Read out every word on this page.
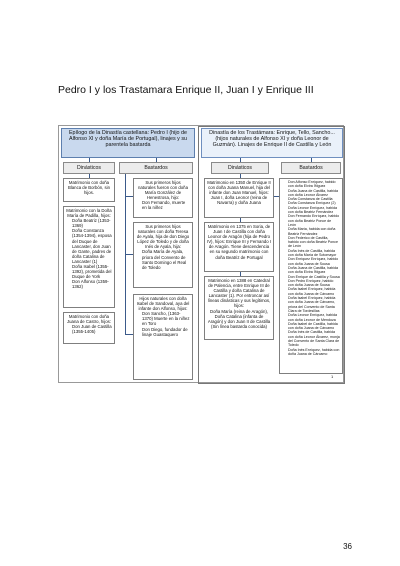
Pedro I y los Trastamara Enrique II, Juan I y Enrique III
Epílogo de la Dinastía castellana: Pedro I (hijo de Alfonso XI y doña María de Portugal), linajes y su parentela bastarda
Dinastía de los Trastámara: Enrique, Tello, Sancho... (hijos naturales de Alfonso XI y doña Leonor de Guzmán). Linajes de Enrique II de Castilla y León
Dinásticos	Bastardos	Dinásticos	Bastardos
Matrimonio con doña Blanca de Borbón, sin hijos.
Matrimonio con la Doña María de Padilla, hijos:
• Doña Beatriz (1353-1369)
• Doña Constanza (1354-1394), esposa del Duque de Lancaster, don Juan de Gante, padres de doña Catalina de Lancaster (1)
• Doña Isabel (1355-1392), prometida del Duque de York
• Don Alfonso (1359-1362)
Matrimonio con doña Juana de Castro, hijos:
• Don Juan de Castilla (1355-1405)
Sus primeros hijos naturales fueron con doña María González de Henestrosa, hijo:
• Don Fernando, muerte en la niñez
Sus primeros hijos naturales con doña Teresa de Ayala, hija de don Diego López de Toledo y de doña Inés de Ayala, hija:
• Doña María de Ayala, priora del Convento de Santo Domingo el Real de Toledo
Hijos naturales con doña Isabel de Sandoval, aya del infante don Alfonso, hijos:
• Don Sancho, (1363-1370) Muerte en la niñez en Toro
• Don Diego, fundador de linaje Guastaquero
Matrimonio en 1350 de Enrique II con doña Juana Manuel, hija del infante don Juan Manuel, hijos: Juan I, doña Leonor (reina de Navarra) y doña Juana
Matrimonio en 1375 en Soria, de Juan I de Castilla con doña Leonor de Aragón (hija de Pedro IV), hijos: Enrique III y Fernando I de Aragón. Tiene descendencia en su segundo matrimonio con doña Beatriz de Portugal
Matrimonio en 1388 en Catedral de Palencia, entre Enrique III de Castilla y doña Catalina de Lancaster (1). Por entroncar así líneas dinásticas y sus legítimos, hijos:
Doña María (reina de Aragón), Doña Catalina (infanta de Aragón) y don Juan II de Castilla (Sin línea bastarda conocida)
• Don Alfonso Enríquez, habido con doña Elvira Íñiguez
• Doña Juana de Castilla, habida con doña Leonor Álvarez
• Doña Constanza de Castilla
• Doña Constanza Enríquez (2)
• Doña Leonor Enríquez, habida con doña Beatriz Fernández
• Don Fernando Enríquez, habido con doña Beatriz Ponce de León
• Doña María, habida con doña Beatriz Fernández
• Don Federico de Castilla, habido con doña Beatriz Ponce de León
• Doña Inés de Castilla, habida con doña María de Sotomayor
• Don Enríquez Enríquez, habido con doña Juana de Sousa
• Doña Juana de Castilla, habida con doña Elvira Íñiguez
• Don Enrique de Castilla y Sousa
• Don Pedro Enríquez, habido con doña Juana de Sousa
• Doña Isabel Enríquez, habida con doña Juana de Cárcamo
• Doña Isabel Enríquez, habida con doña Juana de Cárcamo, priora del Convento de Santa Clara de Tordesillas
• Doña Leonor Enríquez, habida con doña Leonor de Mendoza
• Doña Isabel de Castilla, habida con doña Juana de Cárcamo
• Doña Inés de Castilla, habida con doña Leonor Álvarez, monja del Convento de Santa Clara de Toledo
• Doña Inés Enríquez, habida con doña Juana de Cárcamo
1
36
